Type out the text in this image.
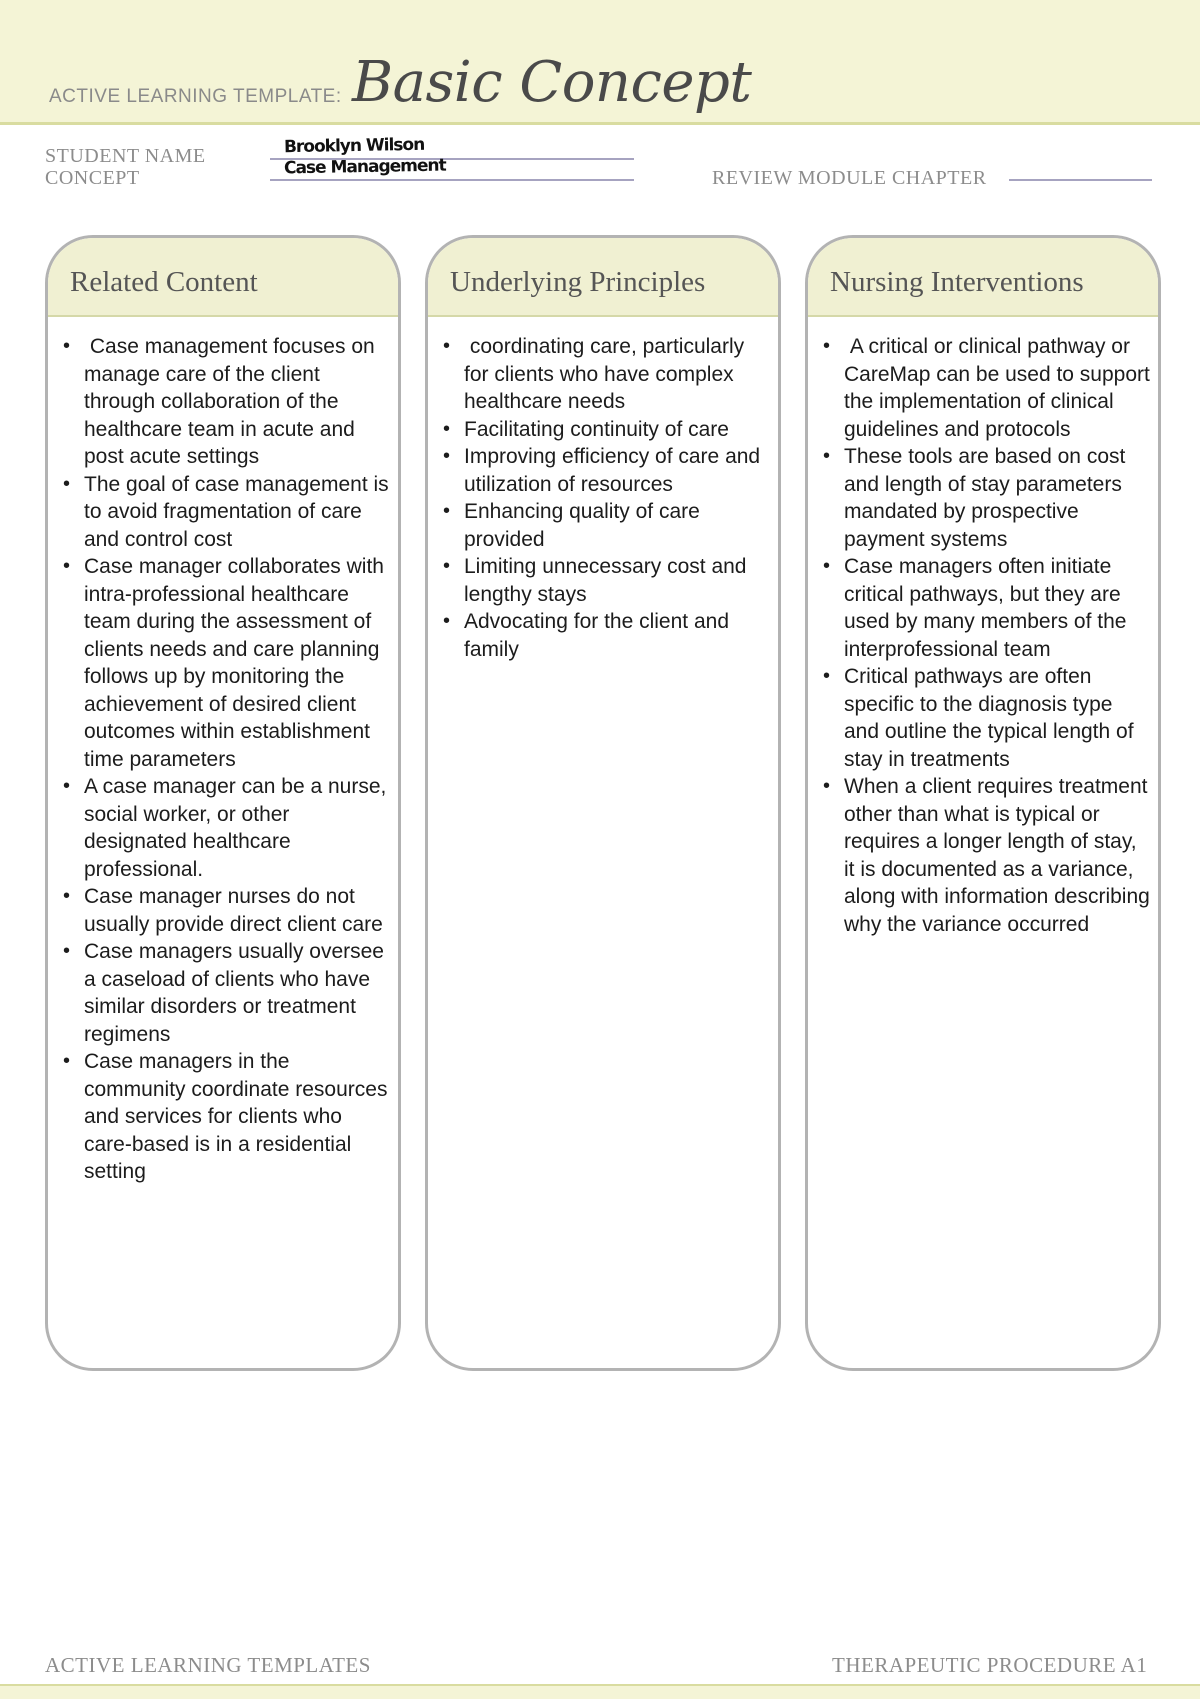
ACTIVE LEARNING TEMPLATE: Basic Concept
STUDENT NAME	Brooklyn Wilson
CONCEPT	Case Management	REVIEW MODULE CHAPTER
Related Content
• Case management focuses on manage care of the client through collaboration of the healthcare team in acute and post acute settings
• The goal of case management is to avoid fragmentation of care and control cost
• Case manager collaborates with intra-professional healthcare team during the assessment of clients needs and care planning follows up by monitoring the achievement of desired client outcomes within establishment time parameters
• A case manager can be a nurse, social worker, or other designated healthcare professional.
• Case manager nurses do not usually provide direct client care
• Case managers usually oversee a caseload of clients who have similar disorders or treatment regimens
• Case managers in the community coordinate resources and services for clients who care-based is in a residential setting
Underlying Principles
• coordinating care, particularly for clients who have complex healthcare needs
• Facilitating continuity of care
• Improving efficiency of care and utilization of resources
• Enhancing quality of care provided
• Limiting unnecessary cost and lengthy stays
• Advocating for the client and family
Nursing Interventions
• A critical or clinical pathway or CareMap can be used to support the implementation of clinical guidelines and protocols
• These tools are based on cost and length of stay parameters mandated by prospective payment systems
• Case managers often initiate critical pathways, but they are used by many members of the interprofessional team
• Critical pathways are often specific to the diagnosis type and outline the typical length of stay in treatments
• When a client requires treatment other than what is typical or requires a longer length of stay, it is documented as a variance, along with information describing why the variance occurred
ACTIVE LEARNING TEMPLATES	THERAPEUTIC PROCEDURE A1
